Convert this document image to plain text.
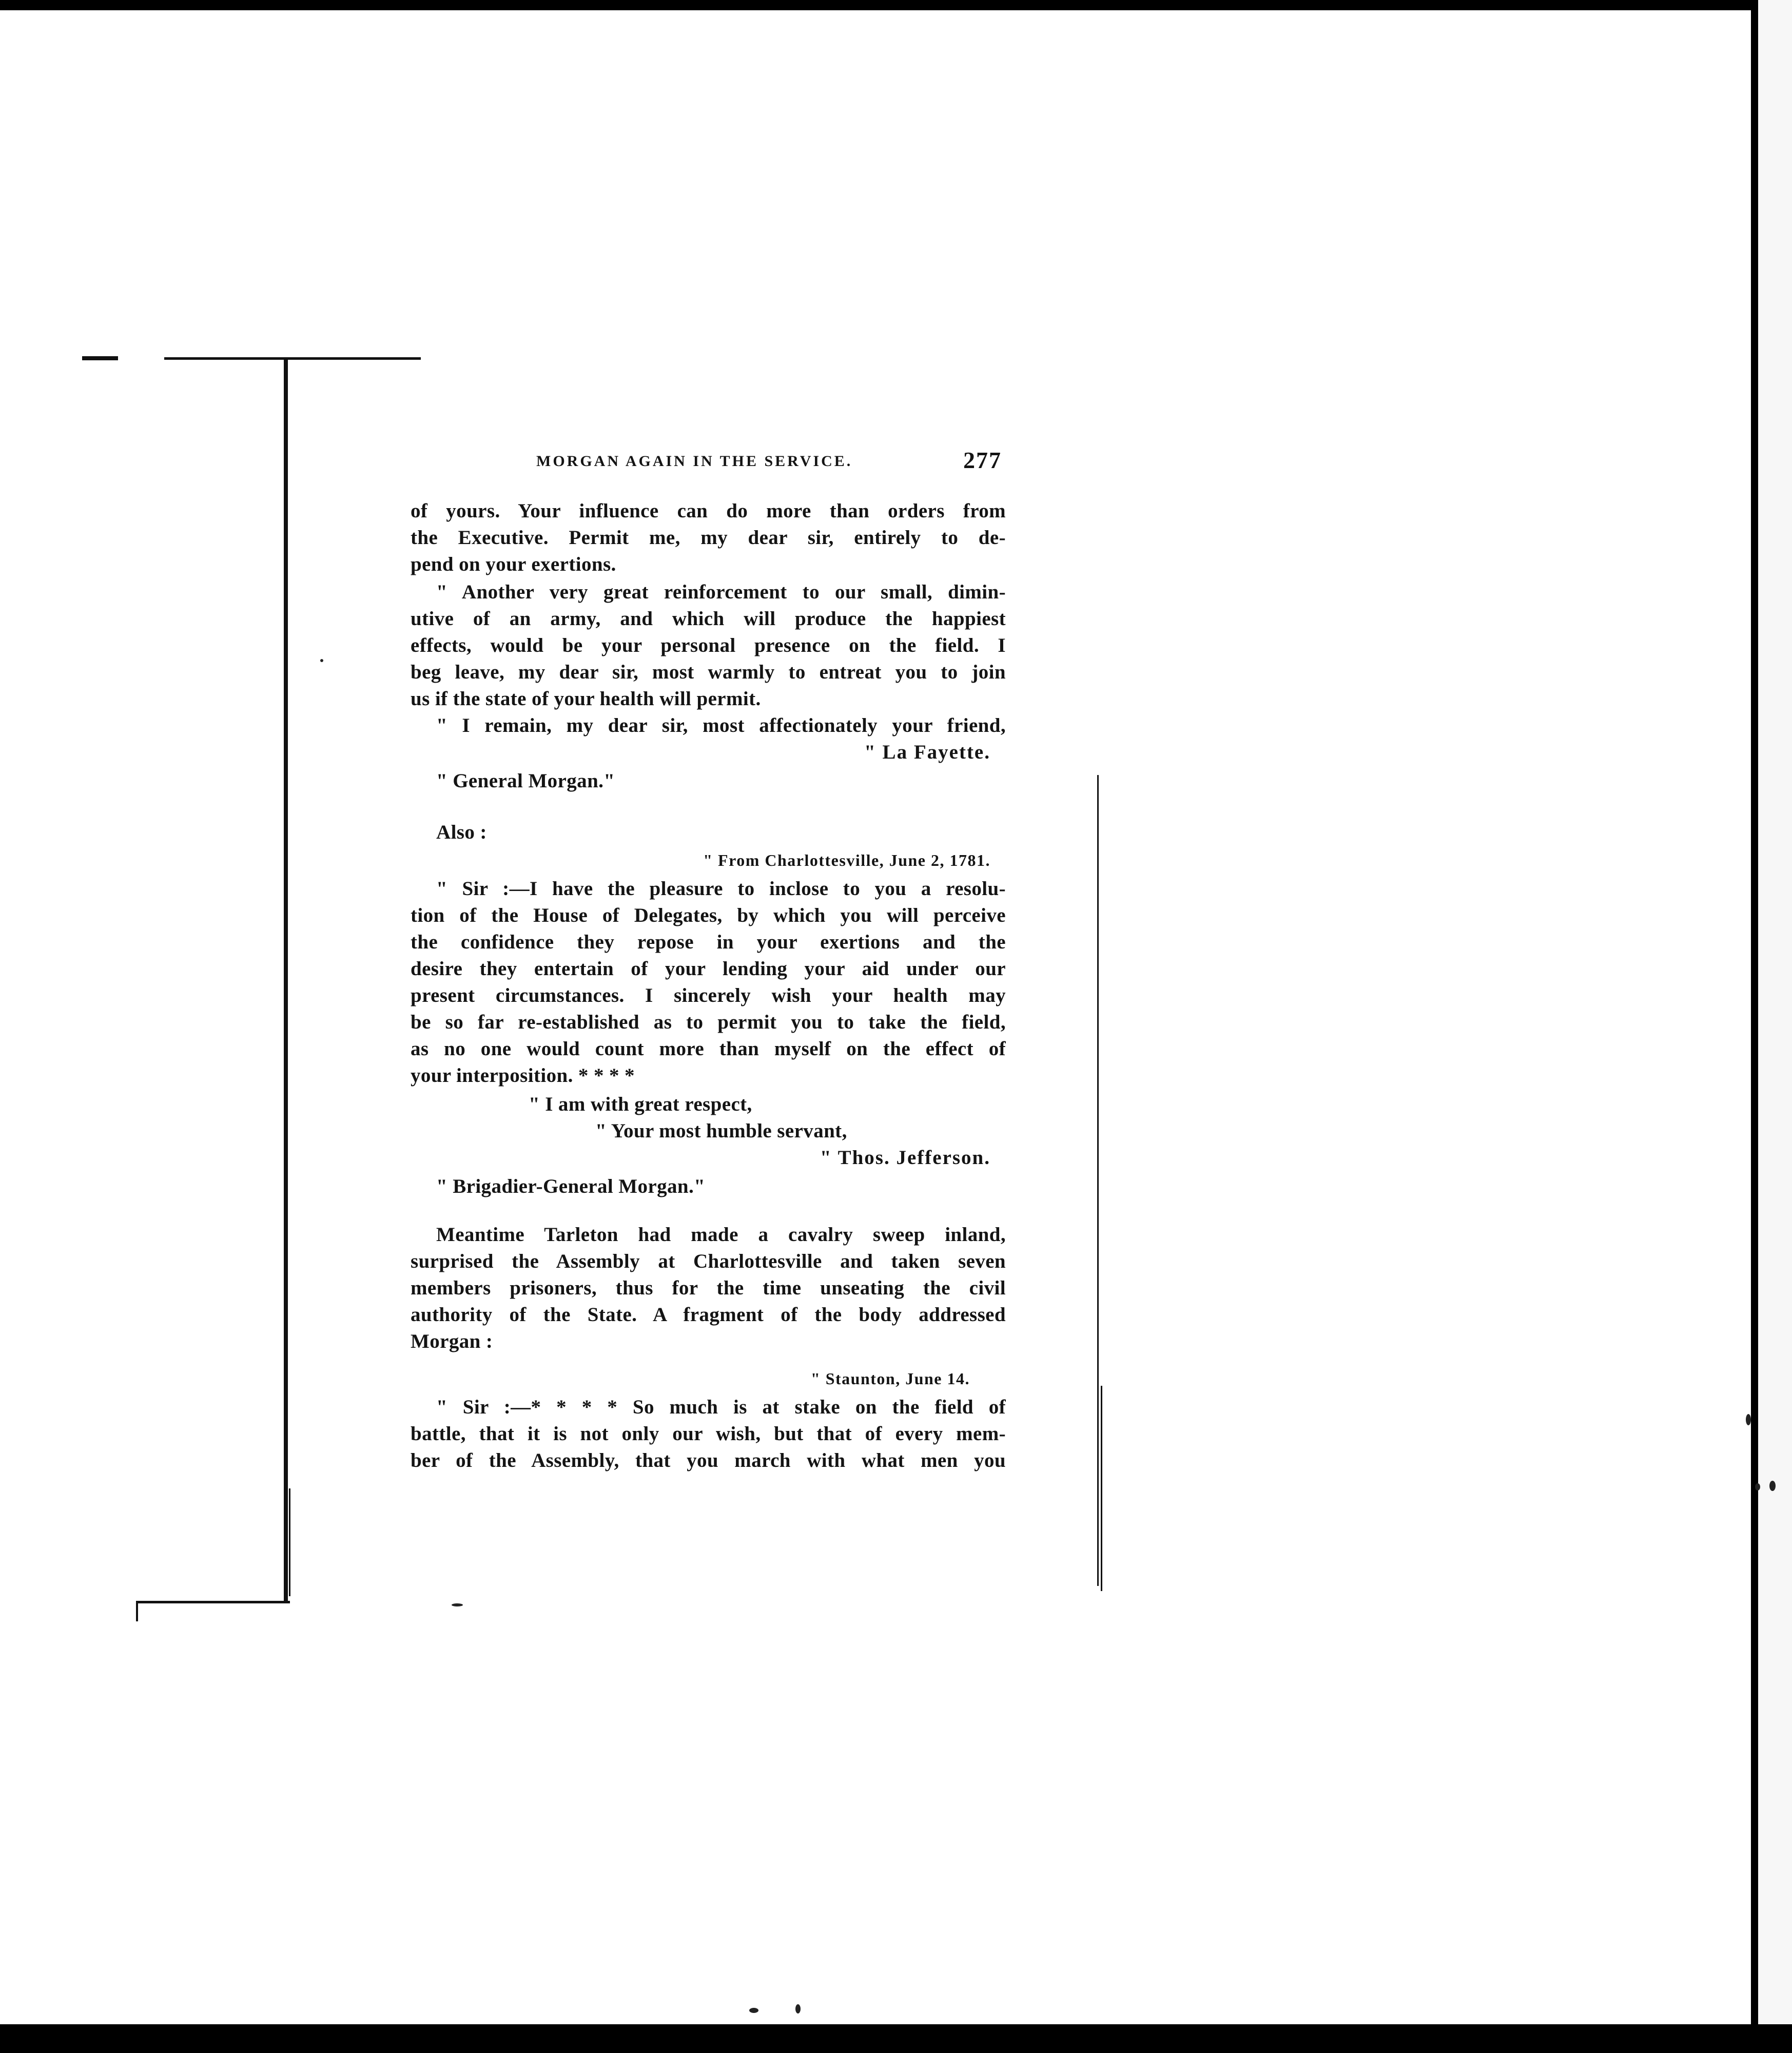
MORGAN AGAIN IN THE SERVICE.	277
of yours. Your influence can do more than orders from
the Executive. Permit me, my dear sir, entirely to de-
pend on your exertions.
" Another very great reinforcement to our small, dimin-
utive of an army, and which will produce the happiest
effects, would be your personal presence on the field. I
beg leave, my dear sir, most warmly to entreat you to join
us if the state of your health will permit.
" I remain, my dear sir, most affectionately your friend,
" La Fayette.
" General Morgan."
Also :
" From Charlottesville, June 2, 1781.
" Sir :—I have the pleasure to inclose to you a resolu-
tion of the House of Delegates, by which you will perceive
the confidence they repose in your exertions and the
desire they entertain of your lending your aid under our
present circumstances. I sincerely wish your health may
be so far re-established as to permit you to take the field,
as no one would count more than myself on the effect of
your interposition. * * * *
" I am with great respect,
" Your most humble servant,
" Thos. Jefferson.
" Brigadier-General Morgan."
Meantime Tarleton had made a cavalry sweep inland,
surprised the Assembly at Charlottesville and taken seven
members prisoners, thus for the time unseating the civil
authority of the State. A fragment of the body addressed
Morgan :
" Staunton, June 14.
" Sir :—* * * * So much is at stake on the field of
battle, that it is not only our wish, but that of every mem-
ber of the Assembly, that you march with what men you
